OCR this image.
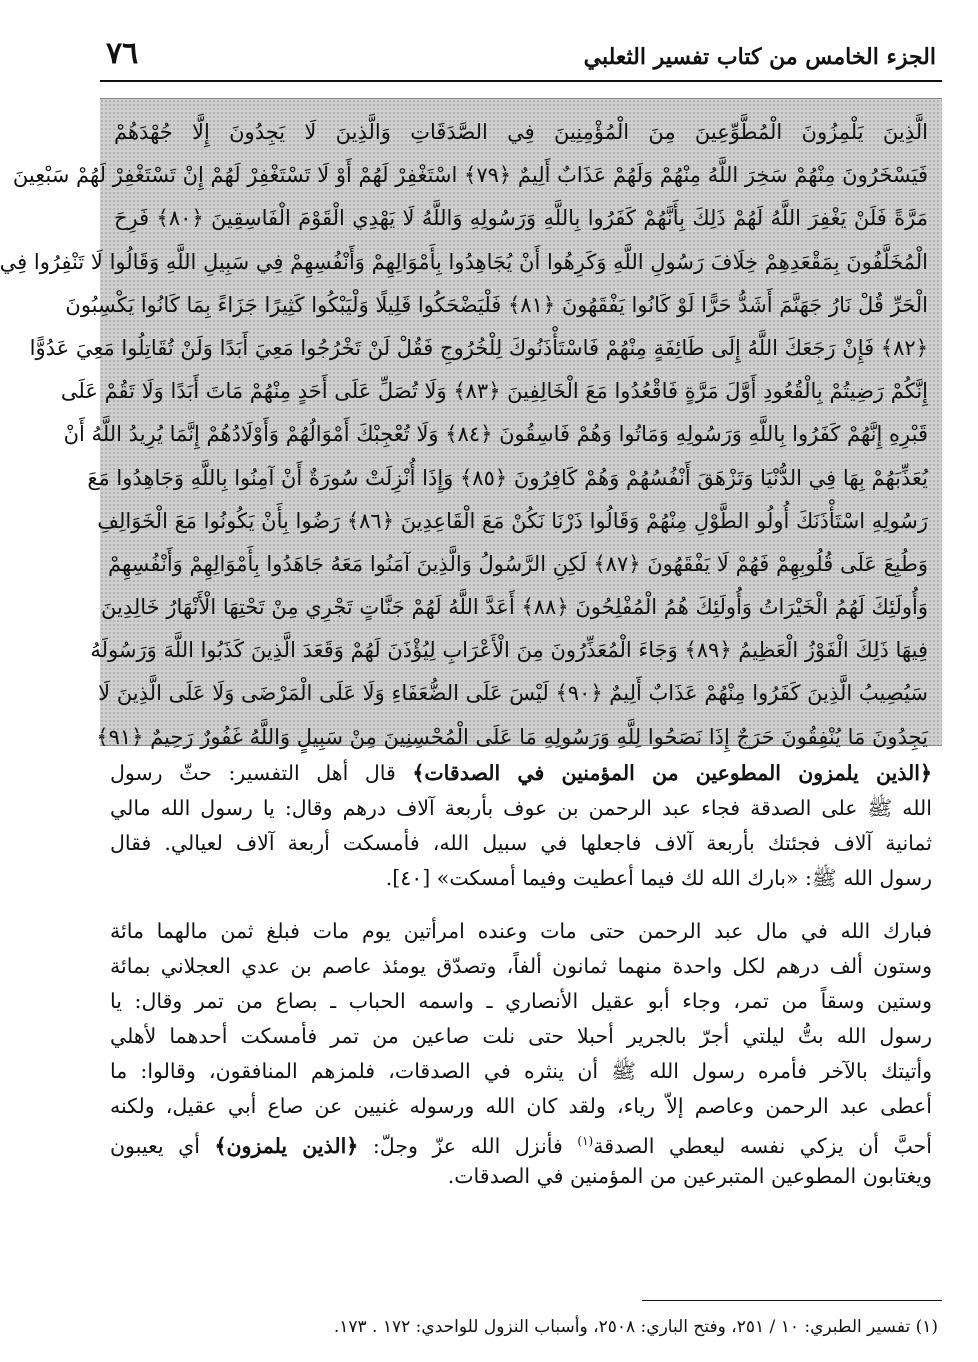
٧٦	الجزء الخامس من كتاب تفسير الثعلبي
الَّذِينَ يَلْمِزُونَ الْمُطَّوِّعِينَ مِنَ الْمُؤْمِنِينَ فِي الصَّدَقَاتِ وَالَّذِينَ لَا يَجِدُونَ إِلَّا جُهْدَهُمْ
فَيَسْخَرُونَ مِنْهُمْ سَخِرَ اللَّهُ مِنْهُمْ وَلَهُمْ عَذَابٌ أَلِيمٌ ﴿٧٩﴾ اسْتَغْفِرْ لَهُمْ أَوْ لَا تَسْتَغْفِرْ لَهُمْ إِنْ تَسْتَغْفِرْ لَهُمْ سَبْعِينَ
مَرَّةً فَلَنْ يَغْفِرَ اللَّهُ لَهُمْ ذَلِكَ بِأَنَّهُمْ كَفَرُوا بِاللَّهِ وَرَسُولِهِ وَاللَّهُ لَا يَهْدِي الْقَوْمَ الْفَاسِقِينَ ﴿٨٠﴾ فَرِحَ
الْمُخَلَّفُونَ بِمَقْعَدِهِمْ خِلَافَ رَسُولِ اللَّهِ وَكَرِهُوا أَنْ يُجَاهِدُوا بِأَمْوَالِهِمْ وَأَنْفُسِهِمْ فِي سَبِيلِ اللَّهِ وَقَالُوا لَا تَنْفِرُوا فِي
الْحَرِّ قُلْ نَارُ جَهَنَّمَ أَشَدُّ حَرًّا لَوْ كَانُوا يَفْقَهُونَ ﴿٨١﴾ فَلْيَضْحَكُوا قَلِيلًا وَلْيَبْكُوا كَثِيرًا جَزَاءً بِمَا كَانُوا يَكْسِبُونَ
﴿٨٢﴾ فَإِنْ رَجَعَكَ اللَّهُ إِلَى طَائِفَةٍ مِنْهُمْ فَاسْتَأْذَنُوكَ لِلْخُرُوجِ فَقُلْ لَنْ تَخْرُجُوا مَعِيَ أَبَدًا وَلَنْ تُقَاتِلُوا مَعِيَ عَدُوًّا
إِنَّكُمْ رَضِيتُمْ بِالْقُعُودِ أَوَّلَ مَرَّةٍ فَاقْعُدُوا مَعَ الْخَالِفِينَ ﴿٨٣﴾ وَلَا تُصَلِّ عَلَى أَحَدٍ مِنْهُمْ مَاتَ أَبَدًا وَلَا تَقُمْ عَلَى
قَبْرِهِ إِنَّهُمْ كَفَرُوا بِاللَّهِ وَرَسُولِهِ وَمَاتُوا وَهُمْ فَاسِقُونَ ﴿٨٤﴾ وَلَا تُعْجِبْكَ أَمْوَالُهُمْ وَأَوْلَادُهُمْ إِنَّمَا يُرِيدُ اللَّهُ أَنْ
يُعَذِّبَهُمْ بِهَا فِي الدُّنْيَا وَتَزْهَقَ أَنْفُسُهُمْ وَهُمْ كَافِرُونَ ﴿٨٥﴾ وَإِذَا أُنْزِلَتْ سُورَةٌ أَنْ آمِنُوا بِاللَّهِ وَجَاهِدُوا مَعَ
رَسُولِهِ اسْتَأْذَنَكَ أُولُو الطَّوْلِ مِنْهُمْ وَقَالُوا ذَرْنَا نَكُنْ مَعَ الْقَاعِدِينَ ﴿٨٦﴾ رَضُوا بِأَنْ يَكُونُوا مَعَ الْخَوَالِفِ
وَطُبِعَ عَلَى قُلُوبِهِمْ فَهُمْ لَا يَفْقَهُونَ ﴿٨٧﴾ لَكِنِ الرَّسُولُ وَالَّذِينَ آمَنُوا مَعَهُ جَاهَدُوا بِأَمْوَالِهِمْ وَأَنْفُسِهِمْ
وَأُولَئِكَ لَهُمُ الْخَيْرَاتُ وَأُولَئِكَ هُمُ الْمُفْلِحُونَ ﴿٨٨﴾ أَعَدَّ اللَّهُ لَهُمْ جَنَّاتٍ تَجْرِي مِنْ تَحْتِهَا الْأَنْهَارُ خَالِدِينَ
فِيهَا ذَلِكَ الْفَوْزُ الْعَظِيمُ ﴿٨٩﴾ وَجَاءَ الْمُعَذِّرُونَ مِنَ الْأَعْرَابِ لِيُؤْذَنَ لَهُمْ وَقَعَدَ الَّذِينَ كَذَبُوا اللَّهَ وَرَسُولَهُ
سَيُصِيبُ الَّذِينَ كَفَرُوا مِنْهُمْ عَذَابٌ أَلِيمٌ ﴿٩٠﴾ لَيْسَ عَلَى الضُّعَفَاءِ وَلَا عَلَى الْمَرْضَى وَلَا عَلَى الَّذِينَ لَا
يَجِدُونَ مَا يُنْفِقُونَ حَرَجٌ إِذَا نَصَحُوا لِلَّهِ وَرَسُولِهِ مَا عَلَى الْمُحْسِنِينَ مِنْ سَبِيلٍ وَاللَّهُ غَفُورٌ رَحِيمٌ ﴿٩١﴾

﴿الذين يلمزون المطوعين من المؤمنين في الصدقات﴾ قال أهل التفسير: حثّ رسول
الله ﷺ على الصدقة فجاء عبد الرحمن بن عوف بأربعة آلاف درهم وقال: يا رسول الله مالي
ثمانية آلاف فجئتك بأربعة آلاف فاجعلها في سبيل الله، فأمسكت أربعة آلاف لعيالي. فقال
رسول الله ﷺ: «بارك الله لك فيما أعطيت وفيما أمسكت» [٤٠].

فبارك الله في مال عبد الرحمن حتى مات وعنده امرأتين يوم مات فبلغ ثمن مالهما مائة
وستون ألف درهم لكل واحدة منهما ثمانون ألفاً، وتصدّق يومئذ عاصم بن عدي العجلاني بمائة
وستين وسقاً من تمر، وجاء أبو عقيل الأنصاري ـ واسمه الحباب ـ بصاع من تمر وقال: يا
رسول الله بتُّ ليلتي أجرّ بالجرير أحبلا حتى نلت صاعين من تمر فأمسكت أحدهما لأهلي
وأتيتك بالآخر فأمره رسول الله ﷺ أن ينثره في الصدقات، فلمزهم المنافقون، وقالوا: ما
أعطى عبد الرحمن وعاصم إلاّ رياء، ولقد كان الله ورسوله غنيين عن صاع أبي عقيل، ولكنه
أحبَّ أن يزكي نفسه ليعطي الصدقة$^{(١)}$ فأنزل الله عزّ وجلّ: ﴿الذين يلمزون﴾ أي يعيبون
ويغتابون المطوعين المتبرعين من المؤمنين في الصدقات.

(١) تفسير الطبري: ١٠ / ٢٥١، وفتح الباري: ٢٥٠٨، وأسباب النزول للواحدي: ١٧٢ . ١٧٣.
